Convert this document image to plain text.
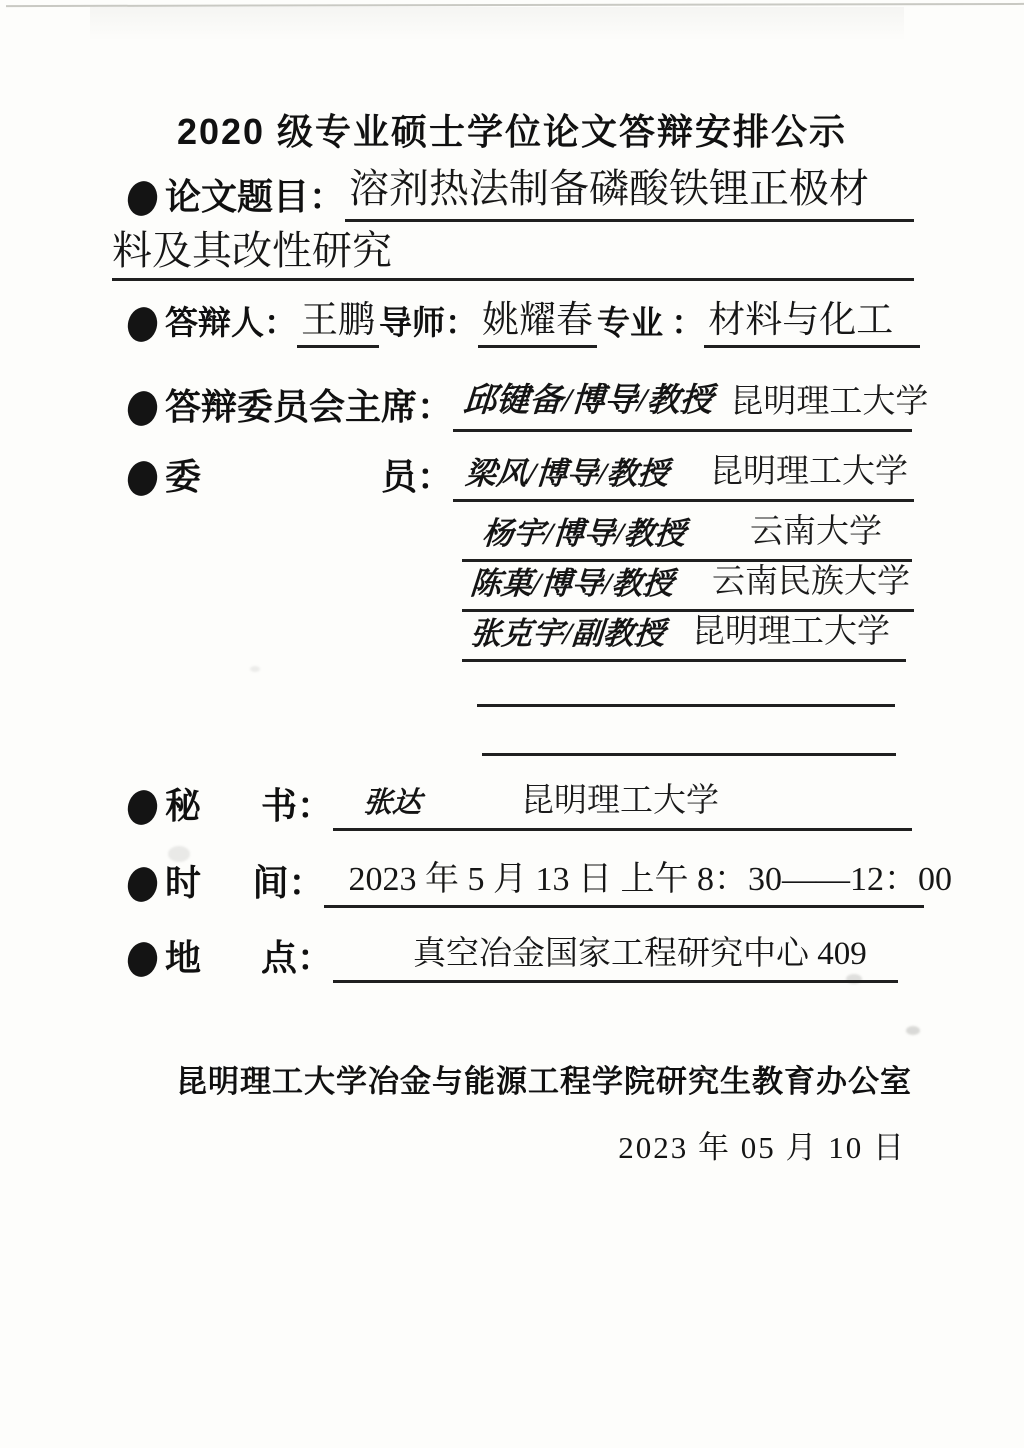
2020 级专业硕士学位论文答辩安排公示
论文题目： 溶剂热法制备磷酸铁锂正极材
料及其改性研究
答辩人： 王鹏 导师： 姚耀春 专业 ： 材料与化工
答辩委员会主席： 邱键备/博导/教授 昆明理工大学
委	员： 梁风/博导/教授 昆明理工大学
杨宇/博导/教授 云南大学
陈菓/博导/教授 云南民族大学
张克宇/副教授 昆明理工大学
秘 书： 张达	昆明理工大学
时 间： 2023 年 5 月 13 日 上午 8：30——12：00
地 点：	真空冶金国家工程研究中心 409
昆明理工大学冶金与能源工程学院研究生教育办公室
2023 年 05 月 10 日
